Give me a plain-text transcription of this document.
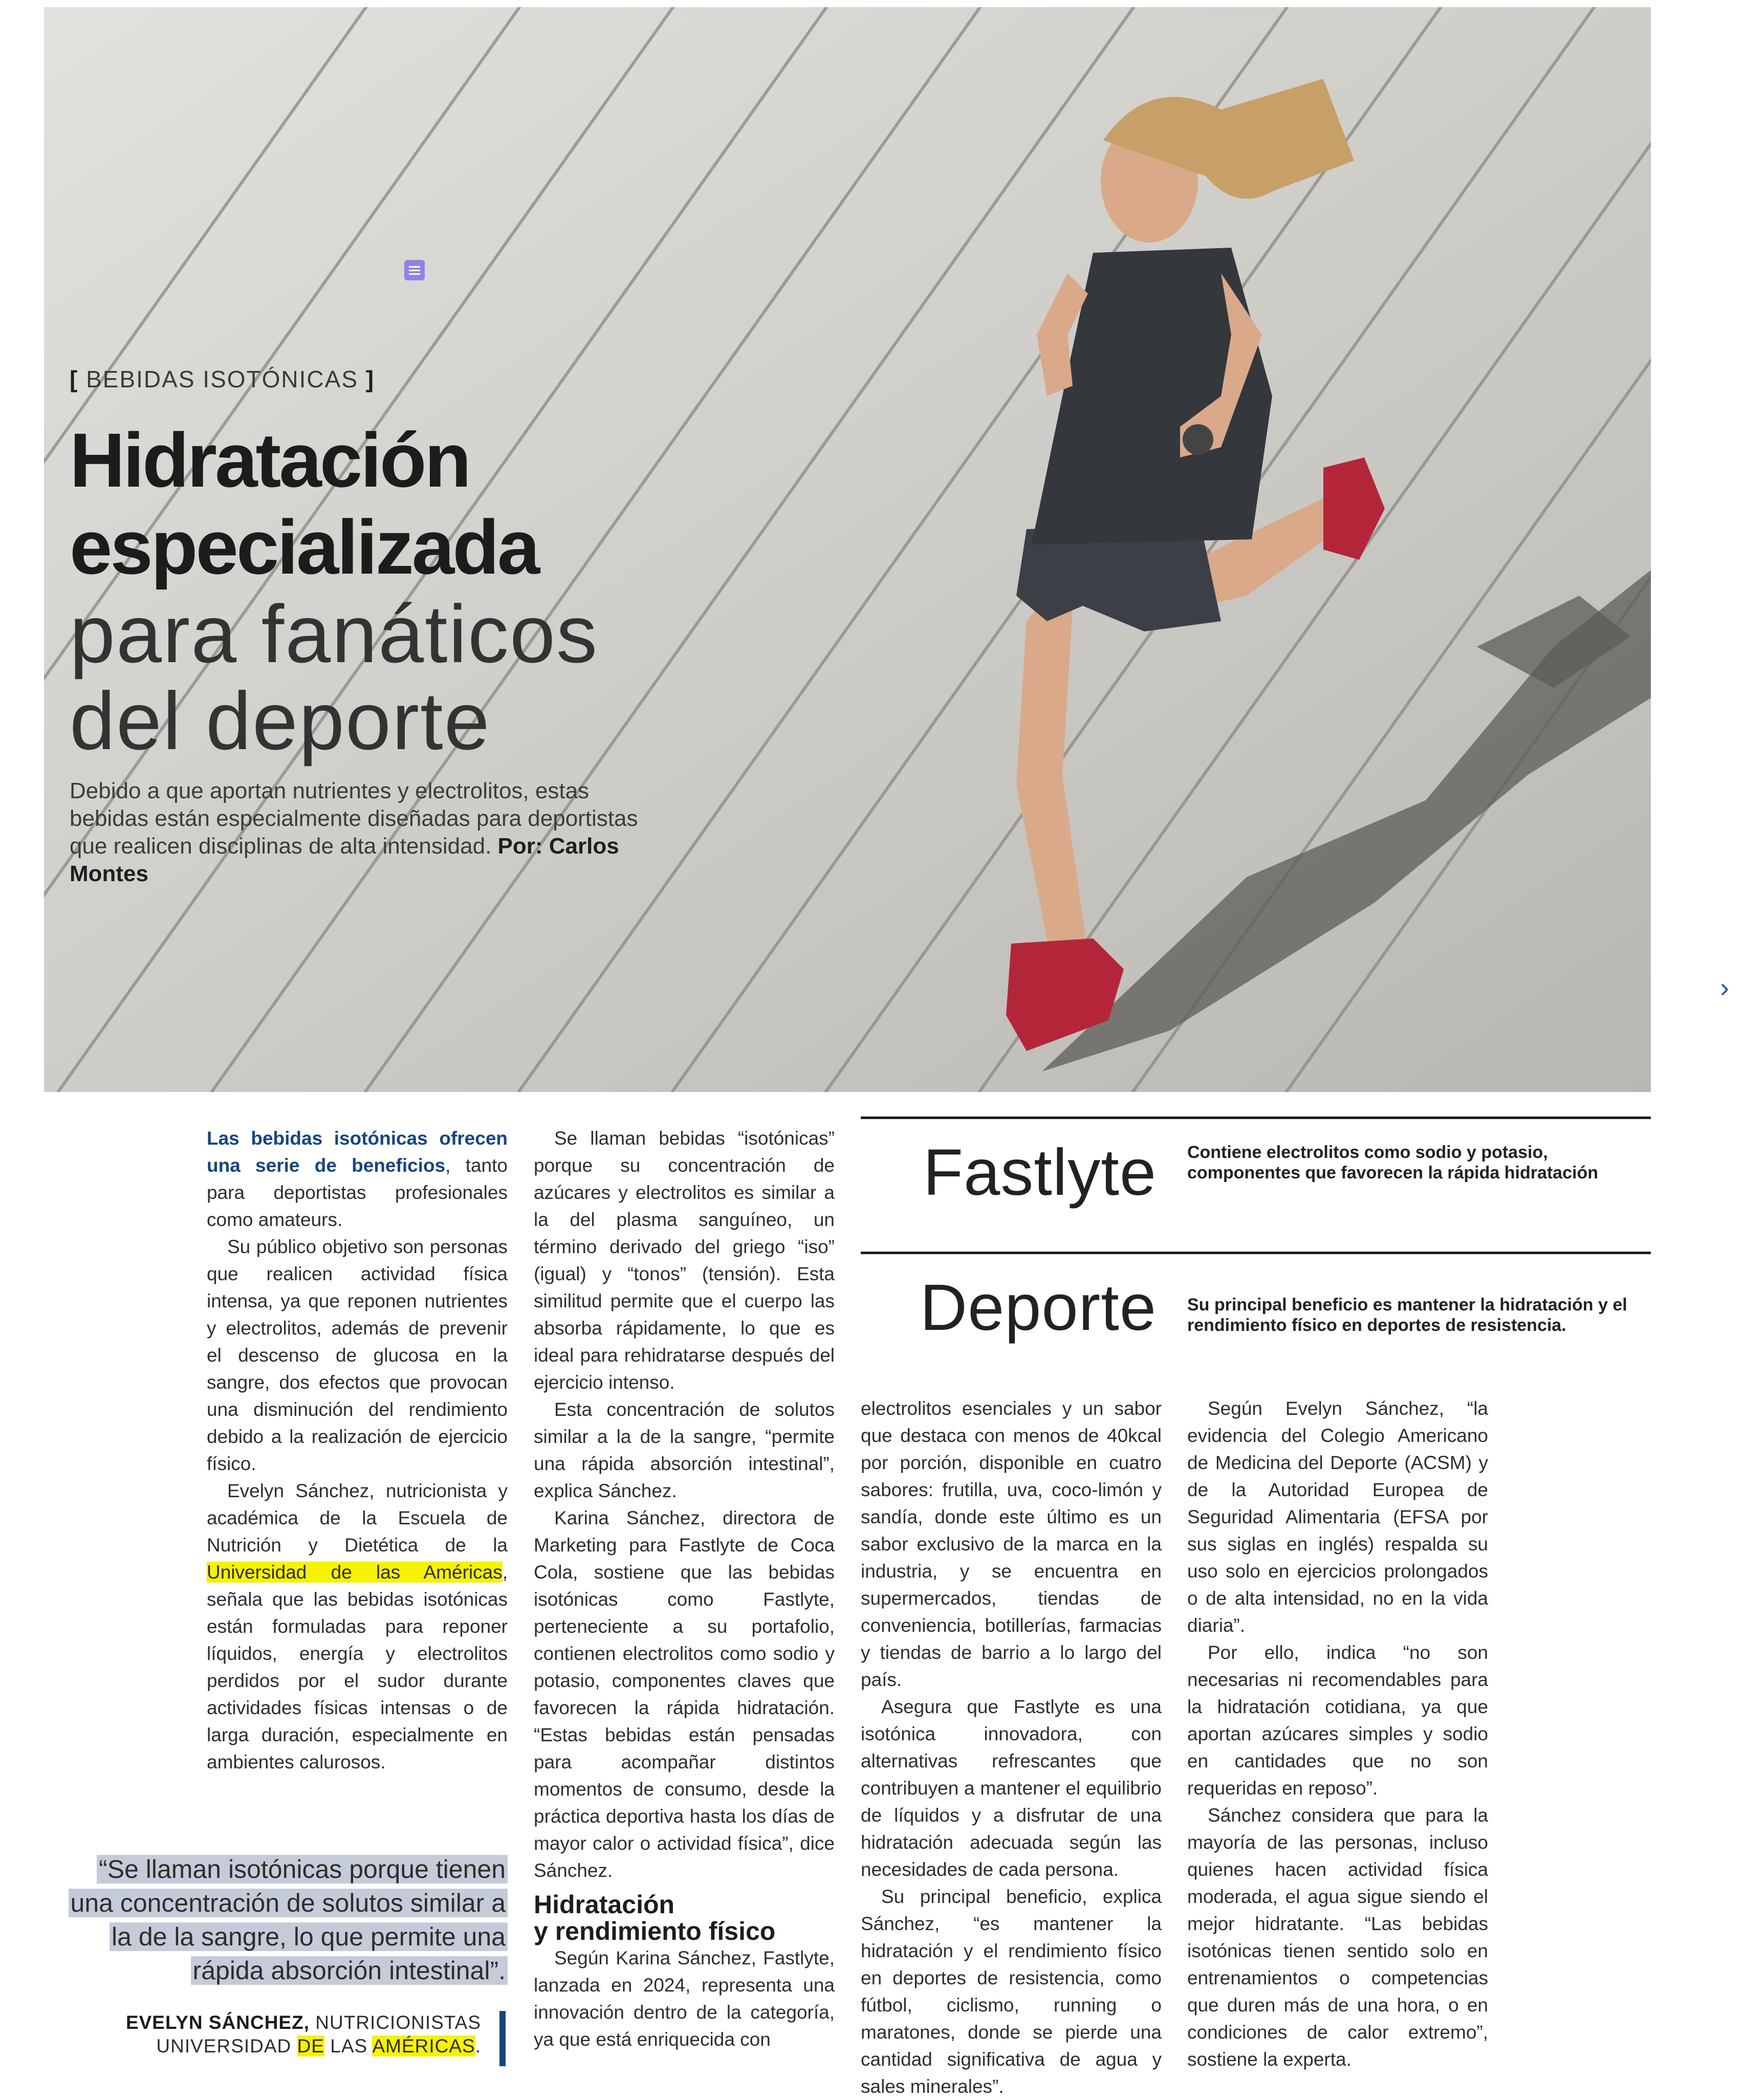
[ BEBIDAS ISOTÓNICAS ]
Hidratación
especializada
para fanáticos
del deporte
Debido a que aportan nutrientes y electrolitos, estas bebidas están especialmente diseñadas para deportistas que realicen disciplinas de alta intensidad. Por: Carlos Montes
›

Las bebidas isotónicas ofrecen una serie de beneficios, tanto para deportistas profesionales como amateurs.

Su público objetivo son personas que realicen actividad física intensa, ya que reponen nutrientes y electrolitos, además de prevenir el descenso de glucosa en la sangre, dos efectos que provocan una disminución del rendimiento debido a la realización de ejercicio físico.

Evelyn Sánchez, nutricionista y académica de la Escuela de Nutrición y Dietética de la Universidad de las Américas, señala que las bebidas isotónicas están formuladas para reponer líquidos, energía y electrolitos perdidos por el sudor durante actividades físicas intensas o de larga duración, especialmente en ambientes calurosos.

Se llaman bebidas “isotónicas” porque su concentración de azúcares y electrolitos es similar a la del plasma sanguíneo, un término derivado del griego “iso” (igual) y “tonos” (tensión). Esta similitud permite que el cuerpo las absorba rápidamente, lo que es ideal para rehidratarse después del ejercicio intenso.

Esta concentración de solutos similar a la de la sangre, “permite una rápida absorción intestinal”, explica Sánchez.

Karina Sánchez, directora de Marketing para Fastlyte de Coca Cola, sostiene que las bebidas isotónicas como Fastlyte, perteneciente a su portafolio, contienen electrolitos como sodio y potasio, componentes claves que favorecen la rápida hidratación. “Estas bebidas están pensadas para acompañar distintos momentos de consumo, desde la práctica deportiva hasta los días de mayor calor o actividad física”, dice Sánchez.

Hidratación
y rendimiento físico

Según Karina Sánchez, Fastlyte, lanzada en 2024, representa una innovación dentro de la categoría, ya que está enriquecida con

Fastlyte Contiene electrolitos como sodio y potasio, componentes que favorecen la rápida hidratación
Deporte Su principal beneficio es mantener la hidratación y el rendimiento físico en deportes de resistencia.

electrolitos esenciales y un sabor que destaca con menos de 40kcal por porción, disponible en cuatro sabores: frutilla, uva, coco-limón y sandía, donde este último es un sabor exclusivo de la marca en la industria, y se encuentra en supermercados, tiendas de conveniencia, botillerías, farmacias y tiendas de barrio a lo largo del país.

Asegura que Fastlyte es una isotónica innovadora, con alternativas refrescantes que contribuyen a mantener el equilibrio de líquidos y a disfrutar de una hidratación adecuada según las necesidades de cada persona.

Su principal beneficio, explica Sánchez, “es mantener la hidratación y el rendimiento físico en deportes de resistencia, como fútbol, ciclismo, running o maratones, donde se pierde una cantidad significativa de agua y sales minerales”.

Según Evelyn Sánchez, “la evidencia del Colegio Americano de Medicina del Deporte (ACSM) y de la Autoridad Europea de Seguridad Alimentaria (EFSA por sus siglas en inglés) respalda su uso solo en ejercicios prolongados o de alta intensidad, no en la vida diaria”.

Por ello, indica “no son necesarias ni recomendables para la hidratación cotidiana, ya que aportan azúcares simples y sodio en cantidades que no son requeridas en reposo”.

Sánchez considera que para la mayoría de las personas, incluso quienes hacen actividad física moderada, el agua sigue siendo el mejor hidratante. “Las bebidas isotónicas tienen sentido solo en entrenamientos o competencias que duren más de una hora, o en condiciones de calor extremo”, sostiene la experta.

“Se llaman isotónicas porque tienen una concentración de solutos similar a la de la sangre, lo que permite una rápida absorción intestinal”.
EVELYN SÁNCHEZ, NUTRICIONISTAS
UNIVERSIDAD DE LAS AMÉRICAS.
